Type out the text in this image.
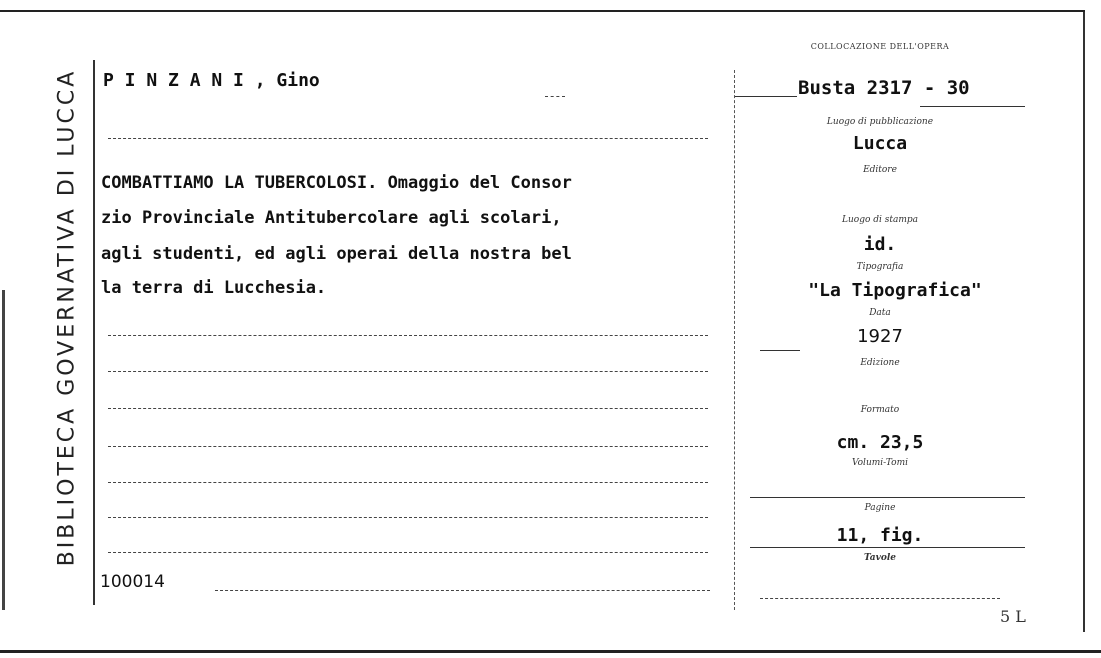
BIBLIOTECA GOVERNATIVA DI LUCCA P I N Z A N I , Gino
COMBATTIAMO LA TUBERCOLOSI. Omaggio del Consor
zio Provinciale Antitubercolare agli scolari,
agli studenti, ed agli operai della nostra bel
la terra di Lucchesia.
100014
COLLOCAZIONE DELL'OPERA
Busta 2317 - 30
Luogo di pubblicazione
Lucca
Editore
Luogo di stampa
id.
Tipografia
"La Tipografica"
Data
1927
Edizione
Formato
cm. 23,5
Volumi-Tomi
Pagine
11, fig.
Tavole
5 L
